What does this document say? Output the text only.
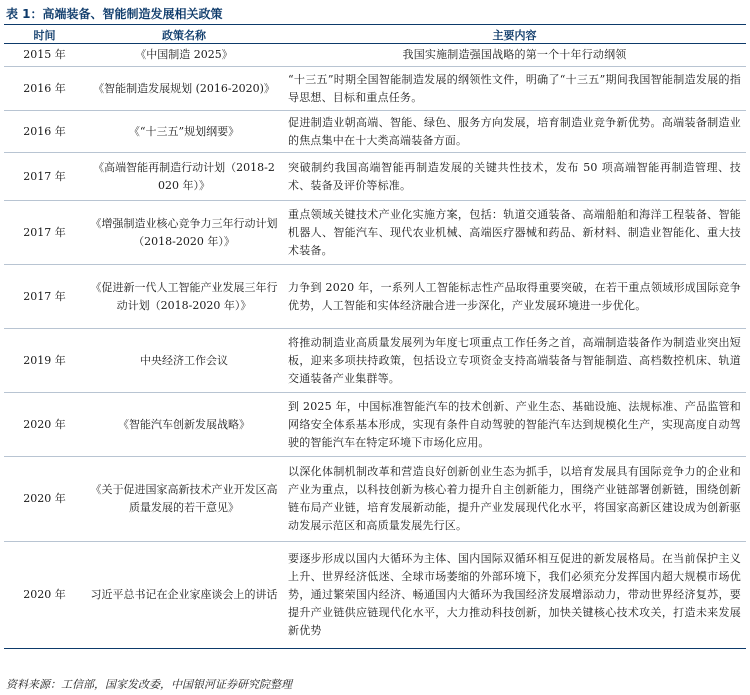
表 1：高端装备、智能制造发展相关政策
时间	政策名称	主要内容
2015 年	《中国制造 2025》	我国实施制造强国战略的第一个十年行动纲领
2016 年	《智能制造发展规划 (2016-2020)》	“十三五”时期全国智能制造发展的纲领性文件，明确了“十三五”期间我国智能制造发展的指导思想、目标和重点任务。
2016 年	《“十三五”规划纲要》	促进制造业朝高端、智能、绿色、服务方向发展，培育制造业竞争新优势。高端装备制造业的焦点集中在十大类高端装备方面。
2017 年	《高端智能再制造行动计划（2018-2020 年）》	突破制约我国高端智能再制造发展的关键共性技术，发布 50 项高端智能再制造管理、技术、装备及评价等标准。
2017 年	《增强制造业核心竞争力三年行动计划（2018-2020 年）》	重点领域关键技术产业化实施方案，包括：轨道交通装备、高端船舶和海洋工程装备、智能机器人、智能汽车、现代农业机械、高端医疗器械和药品、新材料、制造业智能化、重大技术装备。
2017 年	《促进新一代人工智能产业发展三年行动计划（2018-2020 年）》	力争到 2020 年，一系列人工智能标志性产品取得重要突破，在若干重点领域形成国际竞争优势，人工智能和实体经济融合进一步深化，产业发展环境进一步优化。
2019 年	中央经济工作会议	将推动制造业高质量发展列为年度七项重点工作任务之首，高端制造装备作为制造业突出短板，迎来多项扶持政策，包括设立专项资金支持高端装备与智能制造、高档数控机床、轨道交通装备产业集群等。
2020 年	《智能汽车创新发展战略》	到 2025 年，中国标准智能汽车的技术创新、产业生态、基础设施、法规标准、产品监管和网络安全体系基本形成，实现有条件自动驾驶的智能汽车达到规模化生产，实现高度自动驾驶的智能汽车在特定环境下市场化应用。
2020 年	《关于促进国家高新技术产业开发区高质量发展的若干意见》	以深化体制机制改革和营造良好创新创业生态为抓手，以培育发展具有国际竞争力的企业和产业为重点，以科技创新为核心着力提升自主创新能力，围绕产业链部署创新链，围绕创新链布局产业链，培育发展新动能，提升产业发展现代化水平，将国家高新区建设成为创新驱动发展示范区和高质量发展先行区。
2020 年	习近平总书记在企业家座谈会上的讲话	要逐步形成以国内大循环为主体、国内国际双循环相互促进的新发展格局。在当前保护主义上升、世界经济低迷、全球市场萎缩的外部环境下，我们必须充分发挥国内超大规模市场优势，通过繁荣国内经济、畅通国内大循环为我国经济发展增添动力，带动世界经济复苏，要提升产业链供应链现代化水平，大力推动科技创新，加快关键核心技术攻关，打造未来发展新优势
资料来源：工信部，国家发改委，中国银河证券研究院整理
